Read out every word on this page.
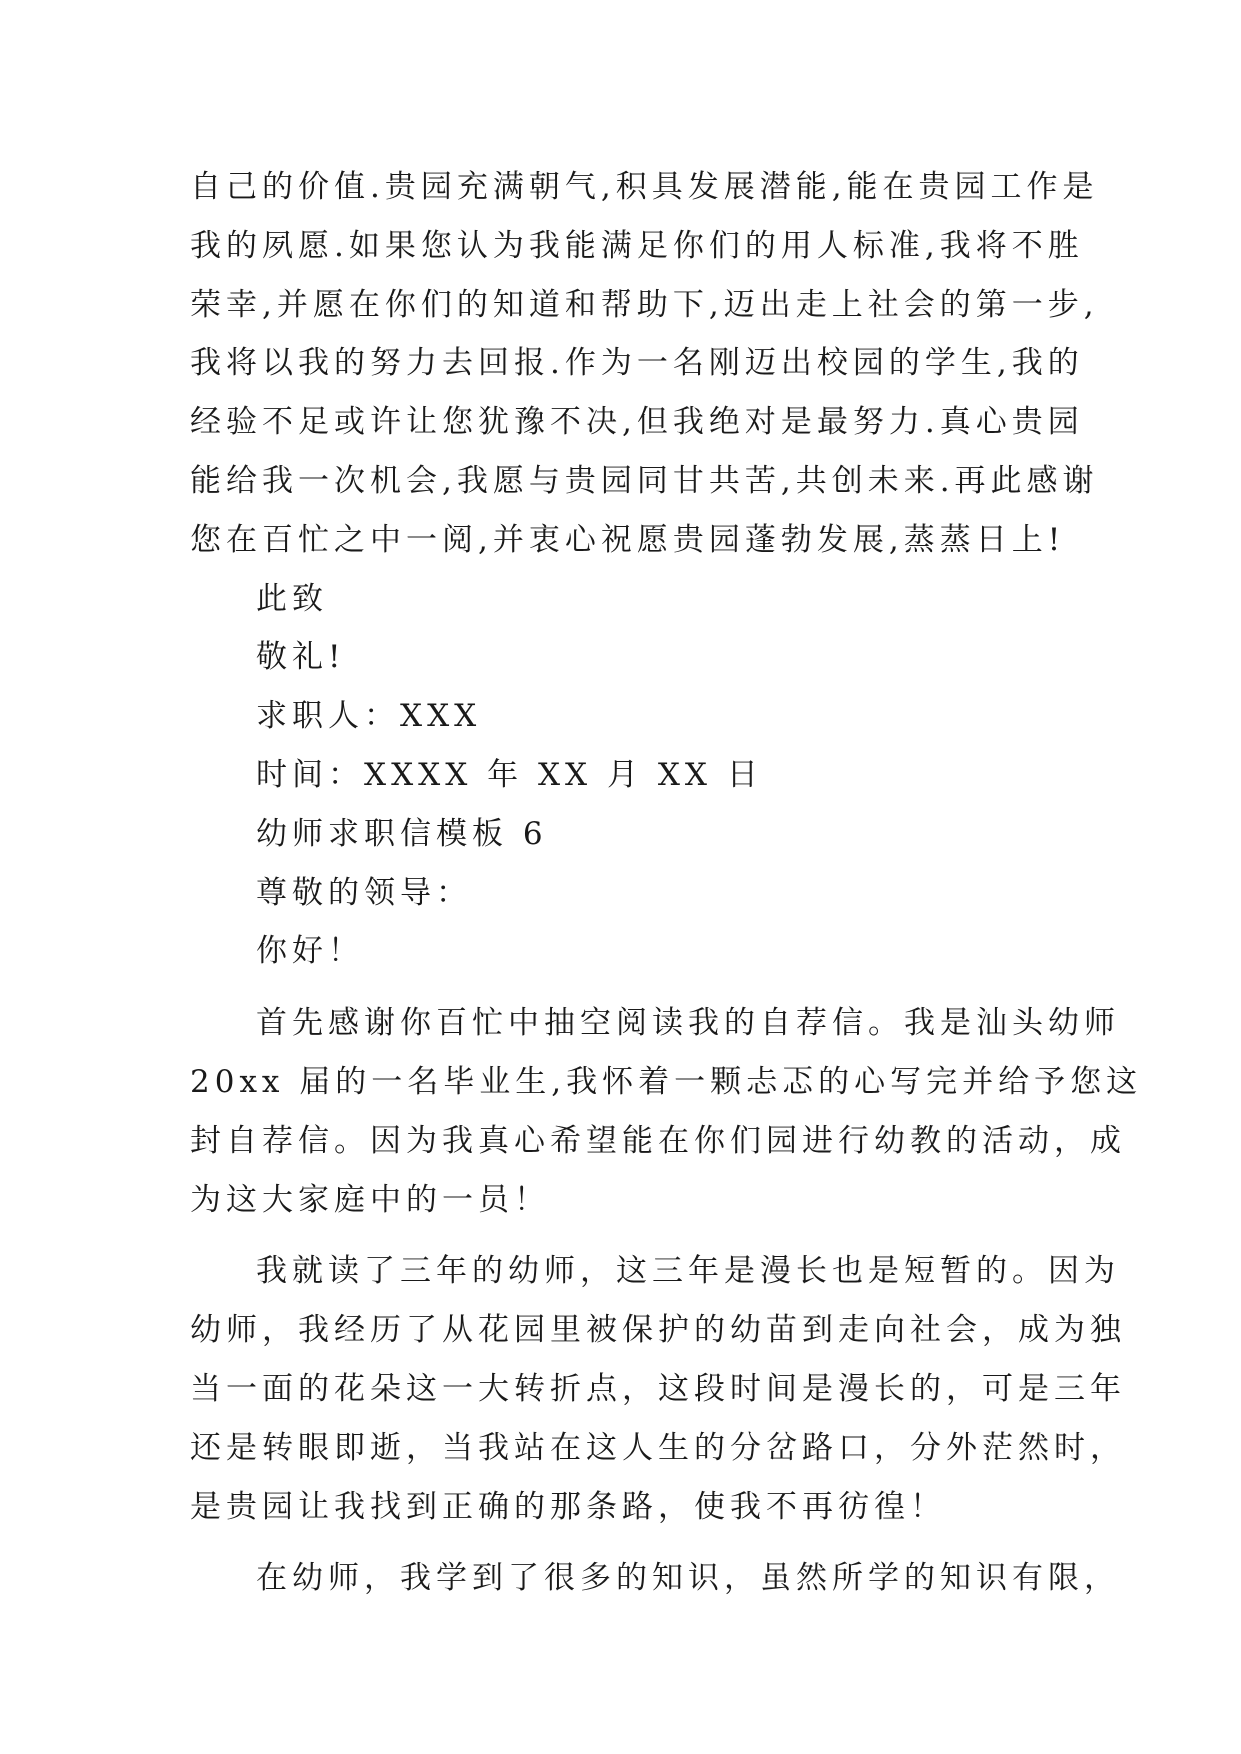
自己的价值.贵园充满朝气,积具发展潜能,能在贵园工作是
我的夙愿.如果您认为我能满足你们的用人标准,我将不胜
荣幸,并愿在你们的知道和帮助下,迈出走上社会的第一步,
我将以我的努力去回报.作为一名刚迈出校园的学生,我的
经验不足或许让您犹豫不决,但我绝对是最努力.真心贵园
能给我一次机会,我愿与贵园同甘共苦,共创未来.再此感谢
您在百忙之中一阅,并衷心祝愿贵园蓬勃发展,蒸蒸日上!
此致
敬礼!
求职人：XXX
时间：XXXX 年 XX 月 XX 日
幼师求职信模板 6
尊敬的领导：
你好！
首先感谢你百忙中抽空阅读我的自荐信。我是汕头幼师
20xx 届的一名毕业生,我怀着一颗忐忑的心写完并给予您这
封自荐信。因为我真心希望能在你们园进行幼教的活动，成
为这大家庭中的一员！
我就读了三年的幼师，这三年是漫长也是短暂的。因为
幼师，我经历了从花园里被保护的幼苗到走向社会，成为独
当一面的花朵这一大转折点，这段时间是漫长的，可是三年
还是转眼即逝，当我站在这人生的分岔路口，分外茫然时，
是贵园让我找到正确的那条路，使我不再彷徨！
在幼师，我学到了很多的知识，虽然所学的知识有限，
